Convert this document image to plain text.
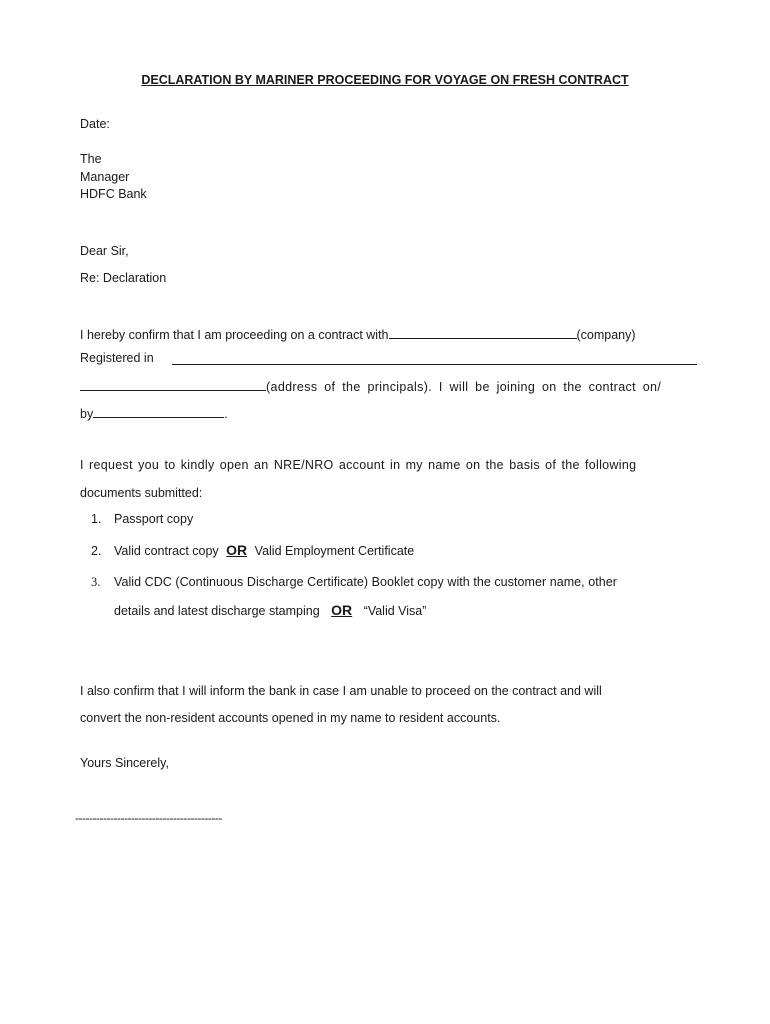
DECLARATION BY MARINER PROCEEDING FOR VOYAGE ON FRESH CONTRACT
Date:
The
Manager
HDFC Bank
Dear Sir,
Re: Declaration
I hereby confirm that I am proceeding on a contract with	(company)
Registered in
(address of the principals). I will be joining on the contract on/
by	.
I request you to kindly open an NRE/NRO account in my name on the basis of the following
documents submitted:
1. Passport copy
2. Valid contract copy OR Valid Employment Certificate
3. Valid CDC (Continuous Discharge Certificate) Booklet copy with the customer name, other
details and latest discharge stamping OR “Valid Visa”
I also confirm that I will inform the bank in case I am unable to proceed on the contract and will
convert the non-resident accounts opened in my name to resident accounts.
Yours Sincerely,
------------------------------------------
